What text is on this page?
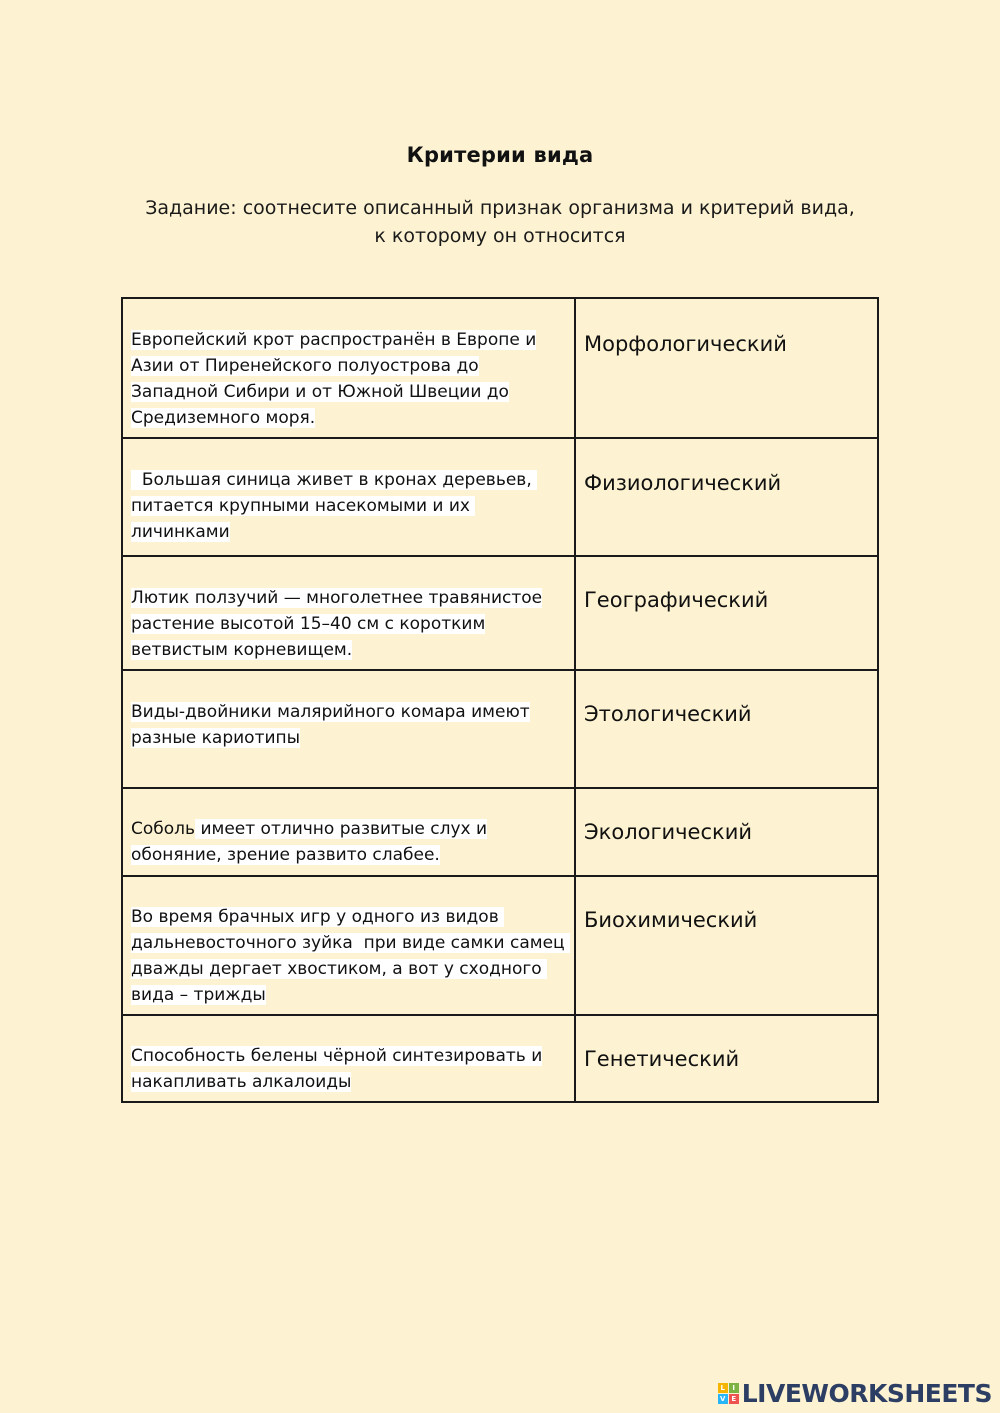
Критерии вида
Задание: соотнесите описанный признак организма и критерий вида,
к которому он относится
Европейский крот распространён в Европе и Азии от Пиренейского полуострова до Западной Сибири и от Южной Швеции до Средиземного моря.	Морфологический
Большая синица живет в кронах деревьев, питается крупными насекомыми и их личинками	Физиологический
Лютик ползучий — многолетнее травянистое растение высотой 15–40 см с коротким ветвистым корневищем.	Географический
Виды-двойники малярийного комара имеют разные кариотипы	Этологический
Соболь имеет отлично развитые слух и обоняние, зрение развито слабее.	Экологический
Во время брачных игр у одного из видов дальневосточного зуйка  при виде самки самец дважды дергает хвостиком, а вот у сходного вида – трижды	Биохимический
Способность белены чёрной синтезировать и накапливать алкалоиды	Генетический
L	I
V E LIVEWORKSHEETS
